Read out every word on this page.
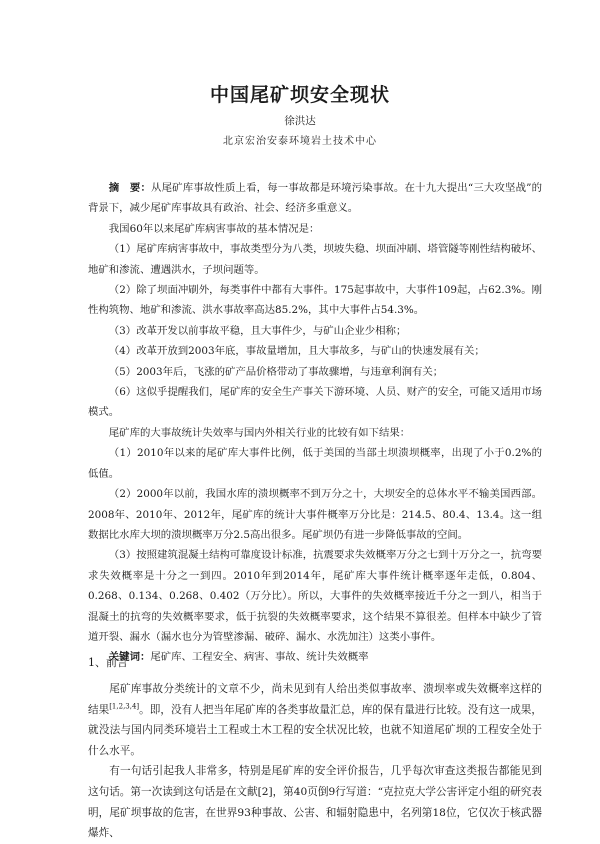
中国尾矿坝安全现状
徐洪达
北京宏治安泰环境岩土技术中心

摘　要：从尾矿库事故性质上看，每一事故都是环境污染事故。在十九大提出“三大攻坚战”的背景下，减少尾矿库事故具有政治、社会、经济多重意义。

我国60年以来尾矿库病害事故的基本情况是：

（1）尾矿库病害事故中，事故类型分为八类，坝坡失稳、坝面冲刷、塔管隧等刚性结构破坏、地矿和渗流、遭遇洪水，子坝问题等。

（2）除了坝面冲刷外，每类事件中都有大事件。175起事故中，大事件109起，占62.3%。刚性构筑物、地矿和渗流、洪水事故率高达85.2%，其中大事件占54.3%。

（3）改革开发以前事故平稳，且大事件少，与矿山企业少相称；

（4）改革开放到2003年底，事故量增加，且大事故多，与矿山的快速发展有关；

（5）2003年后，飞涨的矿产品价格带动了事故骤增，与违章利润有关；

（6）这似乎提醒我们，尾矿库的安全生产事关下游环境、人员、财产的安全，可能又适用市场模式。

尾矿库的大事故统计失效率与国内外相关行业的比较有如下结果：

（1）2010年以来的尾矿库大事件比例，低于美国的当部土坝溃坝概率，出现了小于0.2%的低值。

（2）2000年以前，我国水库的溃坝概率不到万分之十，大坝安全的总体水平不输美国西部。2008年、2010年、2012年，尾矿库的统计大事件概率万分比是：214.5、80.4、13.4。这一组数据比水库大坝的溃坝概率万分2.5高出很多。尾矿坝仍有进一步降低事故的空间。

（3）按照建筑混凝土结构可靠度设计标准，抗震要求失效概率万分之七到十万分之一，抗弯要求失效概率是十分之一到四。2010年到2014年，尾矿库大事件统计概率逐年走低，0.804、0.268、0.134、0.268、0.402（万分比）。所以，大事件的失效概率接近千分之一到八，相当于混凝土的抗弯的失效概率要求，低于抗裂的失效概率要求，这个结果不算很差。但样本中缺少了管道开裂、漏水（漏水也分为管壁渗漏、破碎、漏水、水洗加注）这类小事件。

关键词：尾矿库、工程安全、病害、事故、统计失效概率

1、前言

尾矿库事故分类统计的文章不少，尚未见到有人给出类似事故率、溃坝率或失效概率这样的结果[1,2,3,4]。即，没有人把当年尾矿库的各类事故量汇总，库的保有量进行比较。没有这一成果，就没法与国内同类环境岩土工程或土木工程的安全状况比较，也就不知道尾矿坝的工程安全处于什么水平。

有一句话引起我人非常多，特别是尾矿库的安全评价报告，几乎每次审查这类报告都能见到这句话。第一次读到这句话是在文献[2]，第40页倒9行写道：“克拉克大学公害评定小组的研究表明，尾矿坝事故的危害，在世界93种事故、公害、和辐射隐患中，名列第18位，它仅次于核武器爆炸、
